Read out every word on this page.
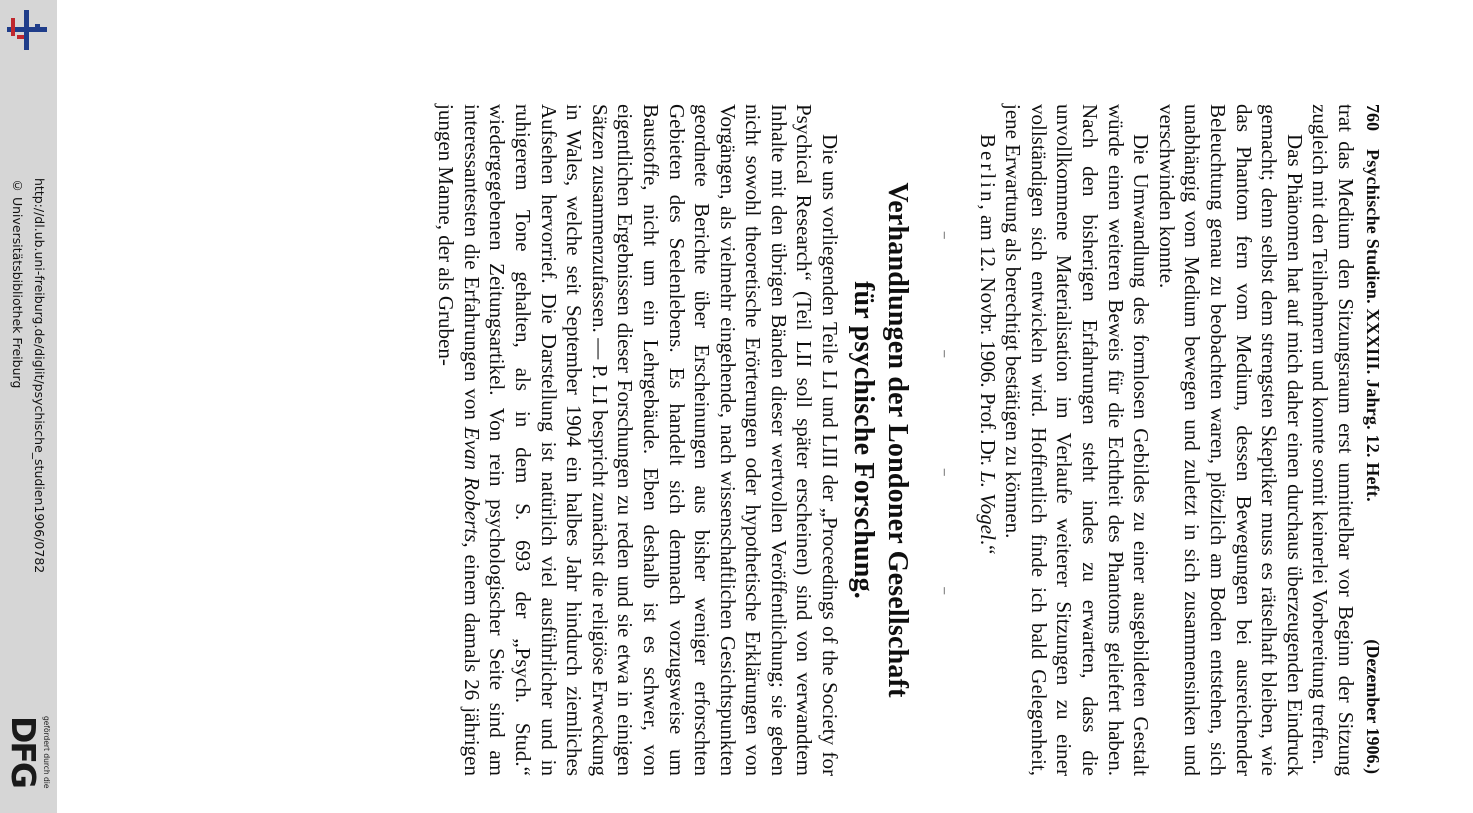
http://dl.ub.uni-freiburg.de/diglit/psychische_studien1906/0782
© Universitätsbibliothek Freiburg
gefördert durch die
DFG
760
Psychische Studien. XXXIII. Jahrg. 12. Heft.
(Dezember 1906.)

trat das Medium den Sitzungsraum erst unmittelbar vor Beginn der Sitzung zugleich mit den Teilnehmern und konnte somit keinerlei Vorbereitung treffen.

Das Phänomen hat auf mich daher einen durchaus überzeugenden Eindruck gemacht; denn selbst dem strengsten Skeptiker muss es rätselhaft bleiben, wie das Phantom fern vom Medium, dessen Bewegungen bei ausreichender Beleuchtung genau zu beobachten waren, plötzlich am Boden entstehen, sich unabhängig vom Medium bewegen und zuletzt in sich zusammensinken und verschwinden konnte.

Die Umwandlung des formlosen Gebildes zu einer ausgebildeten Gestalt würde einen weiteren Beweis für die Echtheit des Phantoms geliefert haben. Nach den bisherigen Erfahrungen steht indes zu erwarten, dass die unvollkommene Materialisation im Verlaufe weiterer Sitzungen zu einer vollständigen sich entwickeln wird. Hoffentlich finde ich bald Gelegenheit, jene Erwartung als berechtigt bestätigen zu können.

Berlin, am 12. Novbr. 1906. Prof. Dr. L. Vogel.“

– – – –
Verhandlungen der Londoner Gesellschaft
für psychische Forschung.

Die uns vorliegenden Teile LI und LIII der „Proceedings of the Society for Psychical Research“ (Teil LII soll später erscheinen) sind von verwandtem Inhalte mit den übrigen Bänden dieser wertvollen Veröffentlichung; sie geben nicht sowohl theoretische Erörterungen oder hypothetische Erklärungen von Vorgängen, als vielmehr eingehende, nach wissenschaftlichen Gesichtspunkten geordnete Berichte über Erscheinungen aus bisher weniger erforschten Gebieten des Seelenlebens. Es handelt sich demnach vorzugsweise um Baustoffe, nicht um ein Lehrgebäude. Eben deshalb ist es schwer, von eigentlichen Ergebnissen dieser Forschungen zu reden und sie etwa in einigen Sätzen zusammenzufassen. — P. LI bespricht zunächst die religiöse Erweckung in Wales, welche seit September 1904 ein halbes Jahr hindurch ziemliches Aufsehen hervorrief. Die Darstellung ist natürlich viel ausführlicher und in ruhigerem Tone gehalten, als in dem S. 693 der „Psych. Stud.“ wiedergegebenen Zeitungsartikel. Von rein psychologischer Seite sind am interessantesten die Erfahrungen von Evan Roberts, einem damals 26 jährigen jungen Manne, der als Gruben-
